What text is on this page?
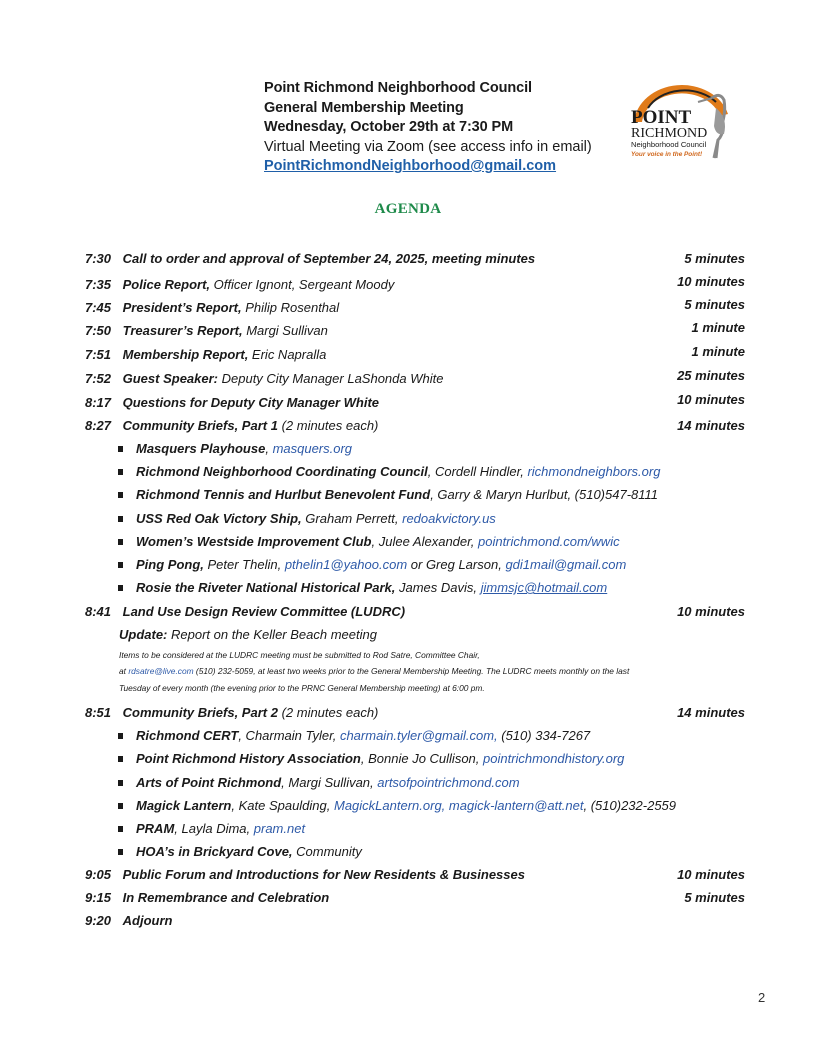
Point Richmond Neighborhood Council
General Membership Meeting
Wednesday, October 29th at 7:30 PM
Virtual Meeting via Zoom (see access info in email)
PointRichmondNeighborhood@gmail.com
POINT
RICHMOND
Neighborhood Council
Your voice in the Point!
AGENDA
7:30 Call to order and approval of September 24, 2025, meeting minutes	5 minutes
7:35 Police Report, Officer Ignont, Sergeant Moody	10 minutes
7:45 President’s Report, Philip Rosenthal	5 minutes
7:50 Treasurer’s Report, Margi Sullivan	1 minute
7:51 Membership Report, Eric Napralla	1 minute
7:52 Guest Speaker: Deputy City Manager LaShonda White	25 minutes
8:17 Questions for Deputy City Manager White	10 minutes
8:27 Community Briefs, Part 1 (2 minutes each)	14 minutes
Masquers Playhouse, masquers.org
Richmond Neighborhood Coordinating Council, Cordell Hindler, richmondneighbors.org
Richmond Tennis and Hurlbut Benevolent Fund, Garry & Maryn Hurlbut, (510)547-8111
USS Red Oak Victory Ship, Graham Perrett, redoakvictory.us
Women’s Westside Improvement Club, Julee Alexander, pointrichmond.com/wwic
Ping Pong, Peter Thelin, pthelin1@yahoo.com or Greg Larson, gdi1mail@gmail.com
Rosie the Riveter National Historical Park, James Davis, jimmsjc@hotmail.com
8:41 Land Use Design Review Committee (LUDRC)	10 minutes
Update: Report on the Keller Beach meeting
Items to be considered at the LUDRC meeting must be submitted to Rod Satre, Committee Chair,
at rdsatre@live.com (510) 232-5059, at least two weeks prior to the General Membership Meeting. The LUDRC meets monthly on the last
Tuesday of every month (the evening prior to the PRNC General Membership meeting) at 6:00 pm.
8:51 Community Briefs, Part 2 (2 minutes each)	14 minutes
Richmond CERT, Charmain Tyler, charmain.tyler@gmail.com, (510) 334-7267
Point Richmond History Association, Bonnie Jo Cullison, pointrichmondhistory.org
Arts of Point Richmond, Margi Sullivan, artsofpointrichmond.com
Magick Lantern, Kate Spaulding, MagickLantern.org, magick-lantern@att.net, (510)232-2559
PRAM, Layla Dima, pram.net
HOA’s in Brickyard Cove, Community
9:05 Public Forum and Introductions for New Residents & Businesses	10 minutes
9:15 In Remembrance and Celebration	5 minutes
9:20 Adjourn
2
